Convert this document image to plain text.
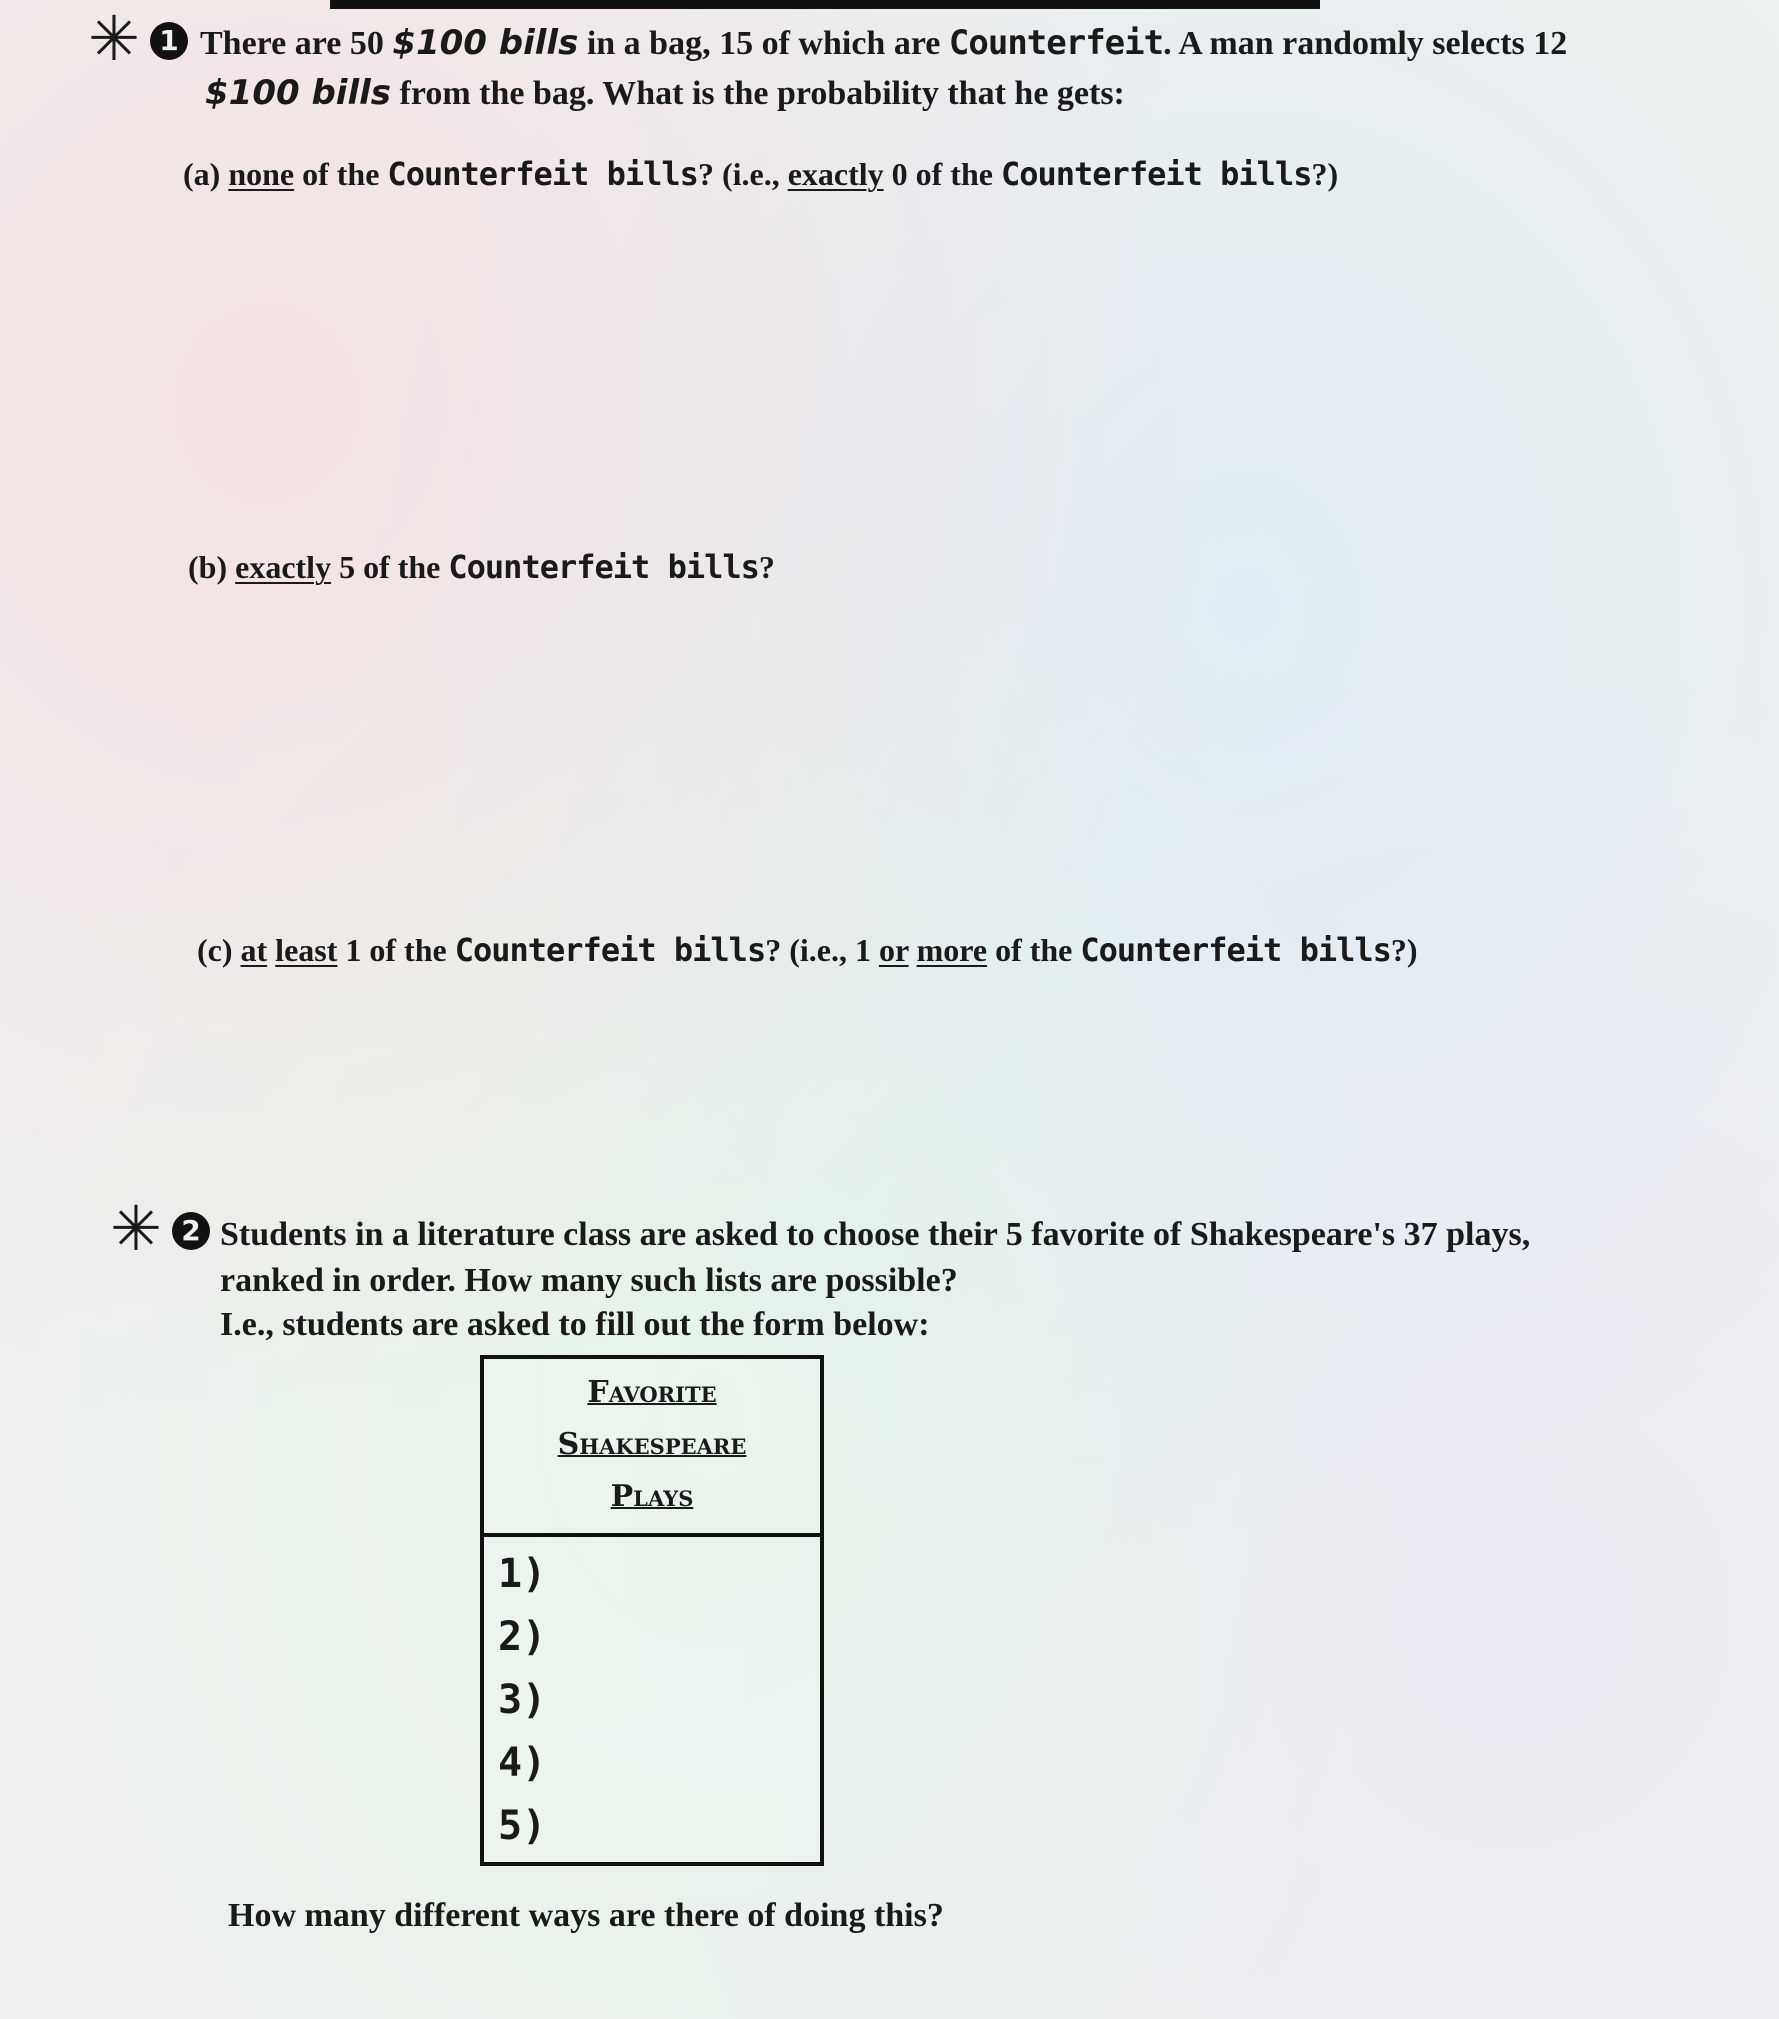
✳ 1 There are 50 $100 bills in a bag, 15 of which are Counterfeit. A man randomly selects 12
$100 bills from the bag. What is the probability that he gets:
(a) none of the Counterfeit bills? (i.e., exactly 0 of the Counterfeit bills?)
(b) exactly 5 of the Counterfeit bills?
(c) at least 1 of the Counterfeit bills? (i.e., 1 or more of the Counterfeit bills?)
✳ 2 Students in a literature class are asked to choose their 5 favorite of Shakespeare's 37 plays,
ranked in order. How many such lists are possible?
I.e., students are asked to fill out the form below:
Favorite
Shakespeare
Plays

1)
2)
3)
4)
5)
How many different ways are there of doing this?
